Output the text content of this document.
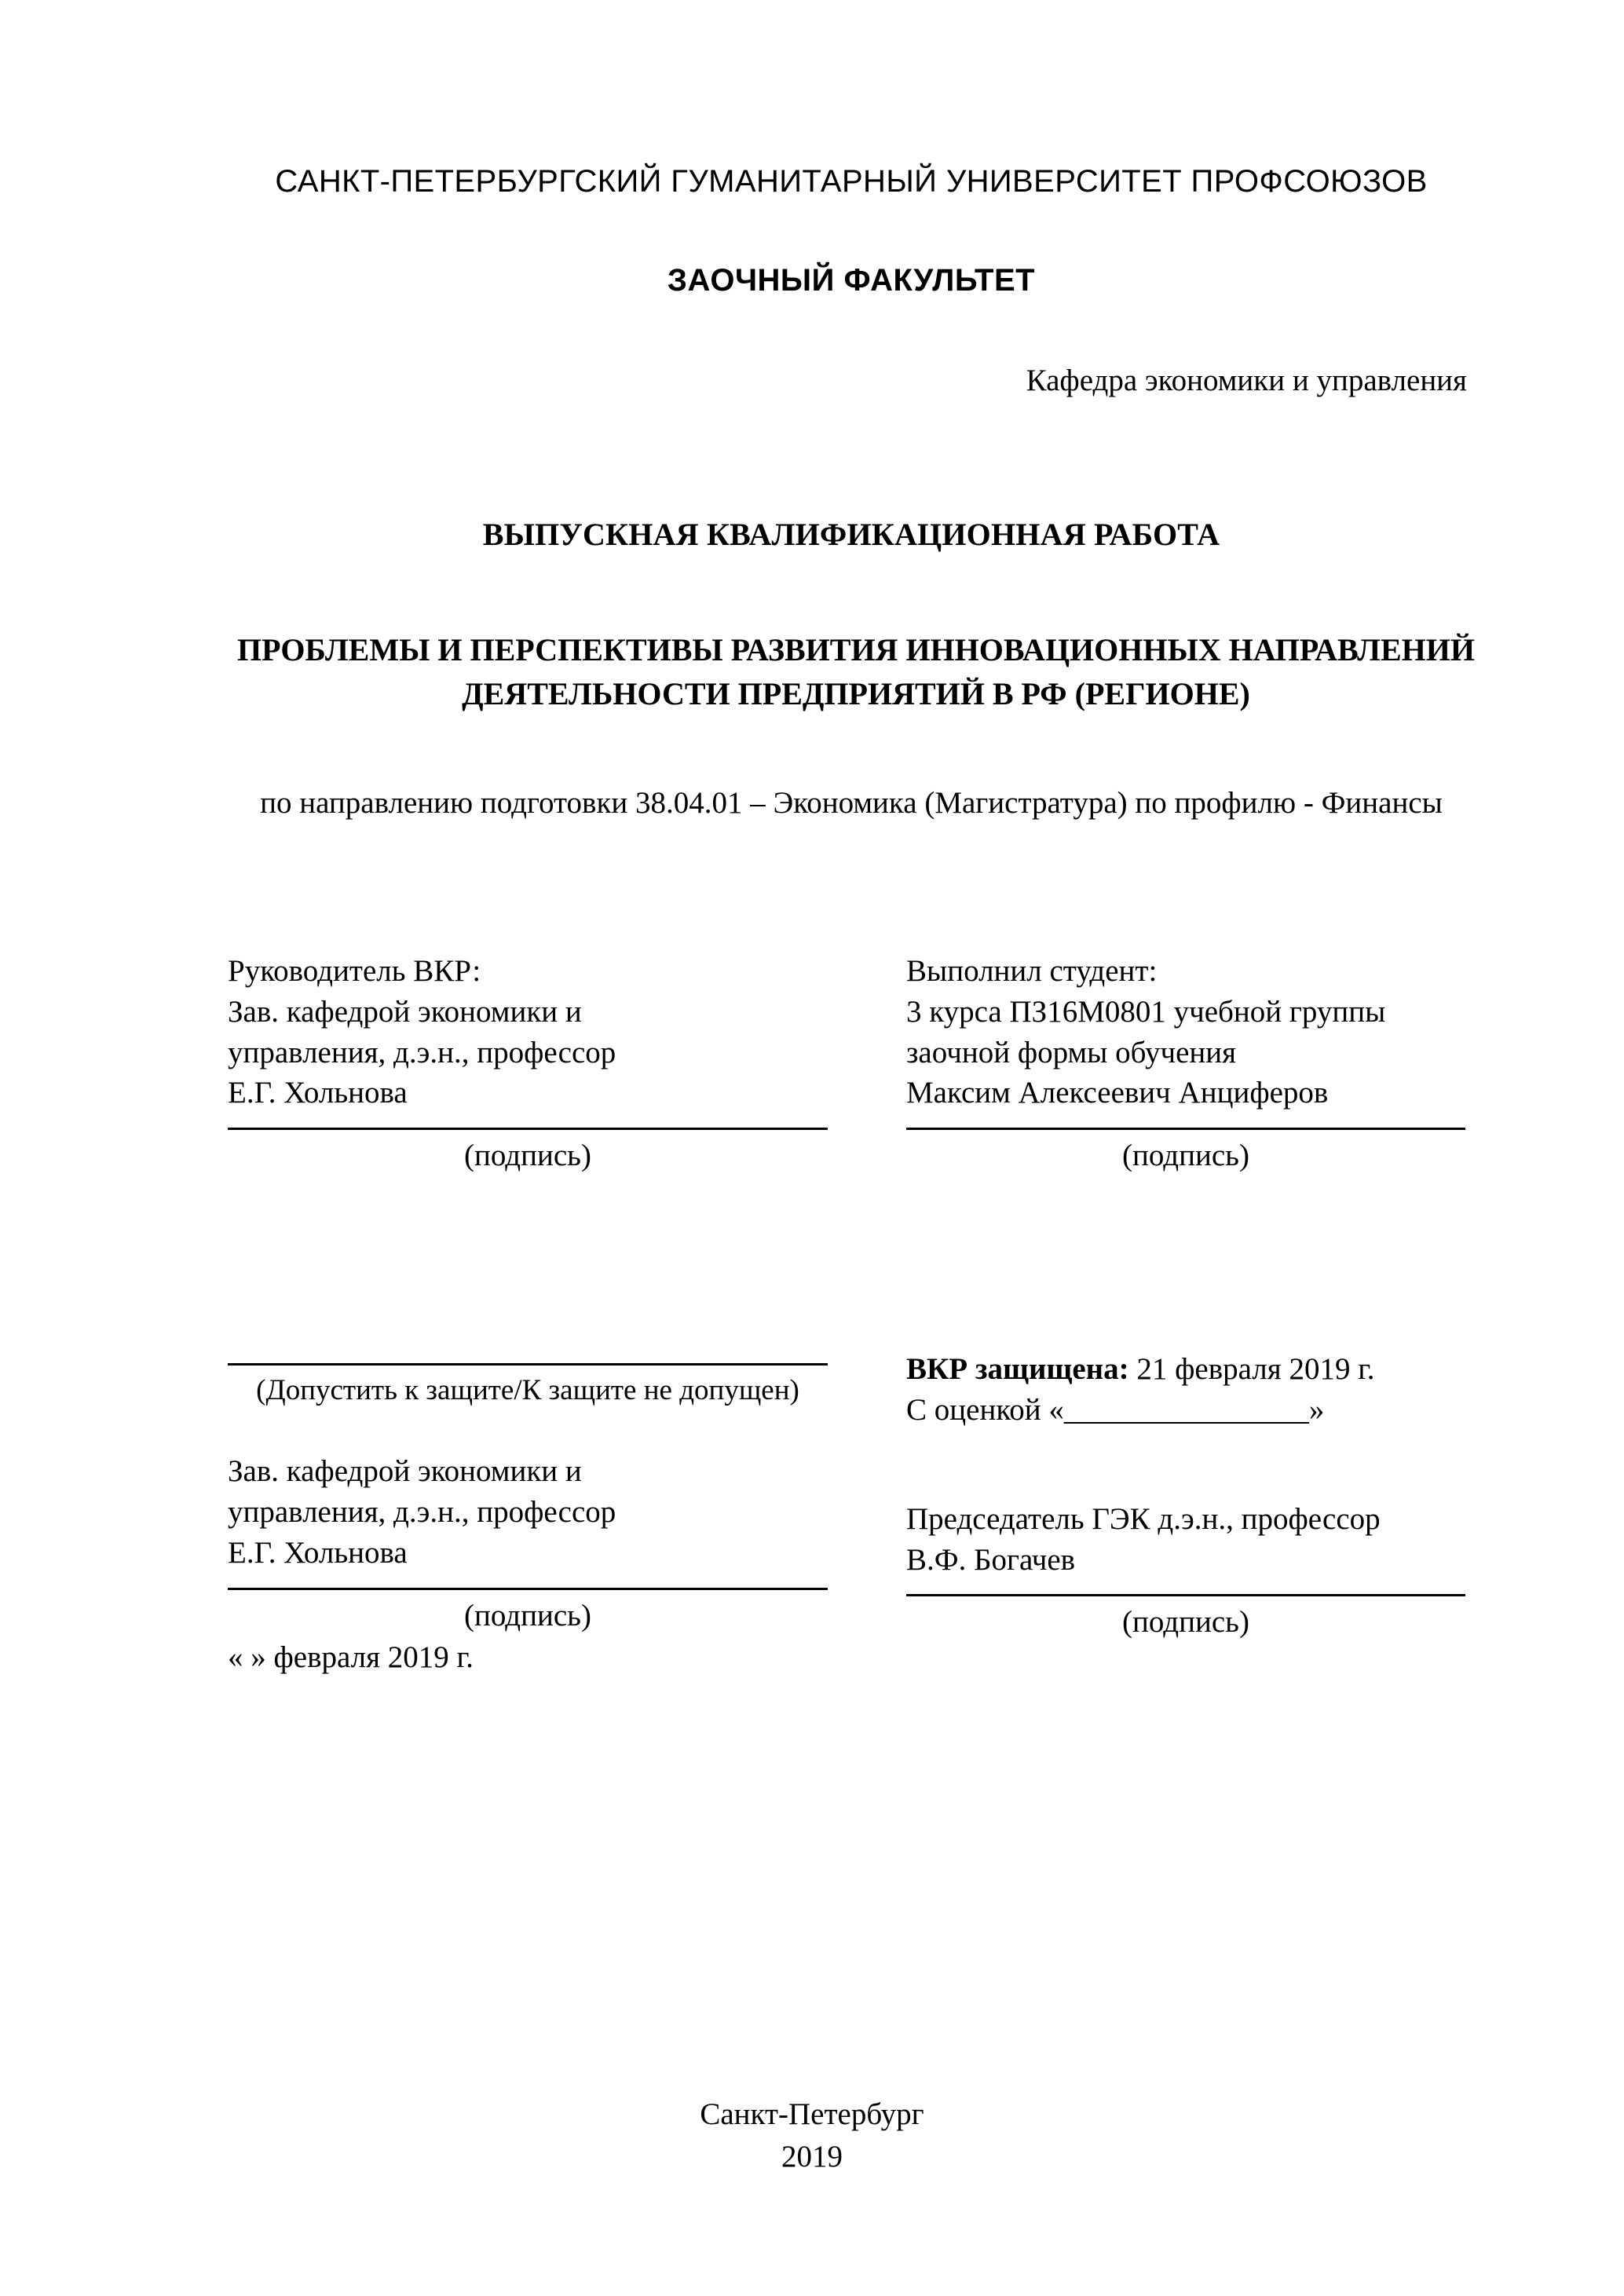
САНКТ-ПЕТЕРБУРГСКИЙ ГУМАНИТАРНЫЙ УНИВЕРСИТЕТ ПРОФСОЮЗОВ
ЗАОЧНЫЙ ФАКУЛЬТЕТ
Кафедра экономики и управления
ВЫПУСКНАЯ КВАЛИФИКАЦИОННАЯ РАБОТА
ПРОБЛЕМЫ И ПЕРСПЕКТИВЫ РАЗВИТИЯ ИННОВАЦИОННЫХ НАПРАВЛЕНИЙ ДЕЯТЕЛЬНОСТИ ПРЕДПРИЯТИЙ В РФ (РЕГИОНЕ)
по направлению подготовки 38.04.01 – Экономика (Магистратура) по профилю - Финансы
Руководитель ВКР:
Зав. кафедрой экономики и
управления, д.э.н., профессор
Е.Г. Хольнова
(подпись)
Выполнил студент:
3 курса ПЗ16М0801 учебной группы
заочной формы обучения
Максим Алексеевич Анциферов
(подпись)
(Допустить к защите/К защите не допущен)
Зав. кафедрой экономики и
управления, д.э.н., профессор
Е.Г. Хольнова
(подпись)
« » февраля 2019 г.
ВКР защищена: 21 февраля 2019 г.
С оценкой «________________»
Председатель ГЭК д.э.н., профессор
В.Ф. Богачев
(подпись)
Санкт-Петербург
2019
